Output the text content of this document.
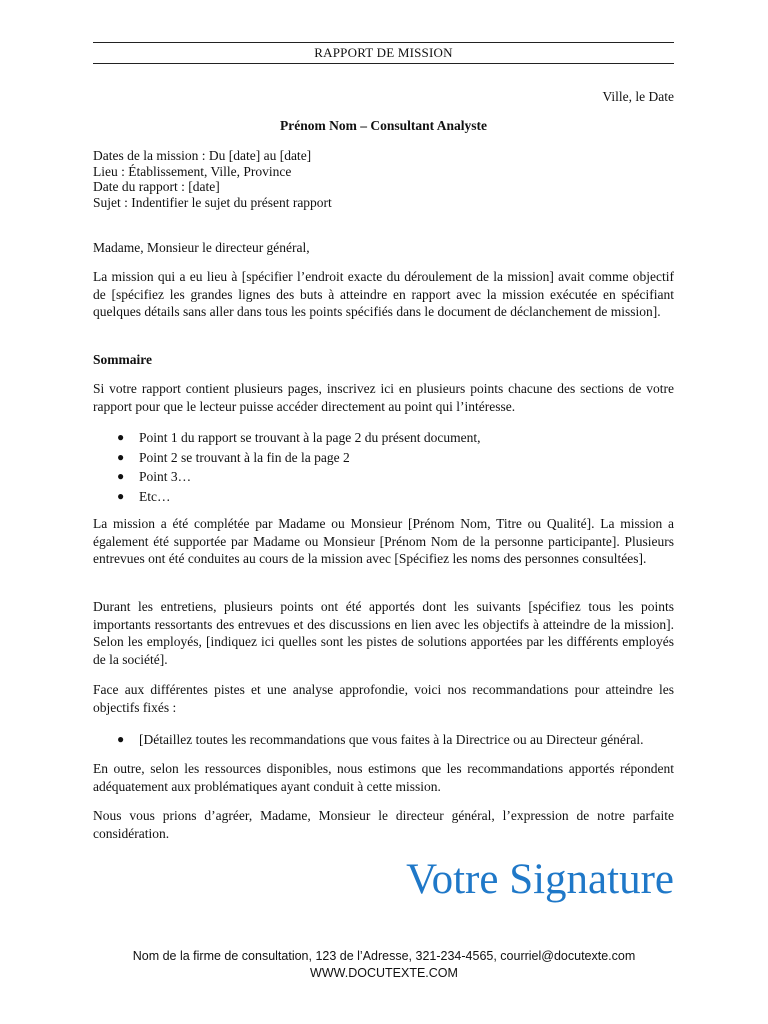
RAPPORT DE MISSION
Ville, le Date
Prénom Nom – Consultant Analyste
Dates de la mission : Du [date] au [date]
Lieu : Établissement, Ville, Province
Date du rapport : [date]
Sujet : Indentifier le sujet du présent rapport

Madame, Monsieur le directeur général,

La mission qui a eu lieu à [spécifier l’endroit exacte du déroulement de la mission] avait comme objectif de [spécifiez les grandes lignes des buts à atteindre en rapport avec la mission exécutée en spécifiant quelques détails sans aller dans tous les points spécifiés dans le document de déclanchement de mission].

Sommaire

Si votre rapport contient plusieurs pages, inscrivez ici en plusieurs points chacune des sections de votre rapport pour que le lecteur puisse accéder directement au point qui l’intéresse.

● Point 1 du rapport se trouvant à la page 2 du présent document,
● Point 2 se trouvant à la fin de la page 2
● Point 3…
● Etc…

La mission a été complétée par Madame ou Monsieur [Prénom Nom, Titre ou Qualité]. La mission a également été supportée par Madame ou Monsieur [Prénom Nom de la personne participante]. Plusieurs entrevues ont été conduites au cours de la mission avec [Spécifiez les noms des personnes consultées].

Durant les entretiens, plusieurs points ont été apportés dont les suivants [spécifiez tous les points importants ressortants des entrevues et des discussions en lien avec les objectifs à atteindre de la mission]. Selon les employés, [indiquez ici quelles sont les pistes de solutions apportées par les différents employés de la société].

Face aux différentes pistes et une analyse approfondie, voici nos recommandations pour atteindre les objectifs fixés :

● [Détaillez toutes les recommandations que vous faites à la Directrice ou au Directeur général.

En outre, selon les ressources disponibles, nous estimons que les recommandations apportés répondent adéquatement aux problématiques ayant conduit à cette mission.

Nous vous prions d’agréer, Madame, Monsieur le directeur général, l’expression de notre parfaite considération.

Votre Signature
Nom de la firme de consultation, 123 de l’Adresse, 321-234-4565, courriel@docutexte.com
WWW.DOCUTEXTE.COM
